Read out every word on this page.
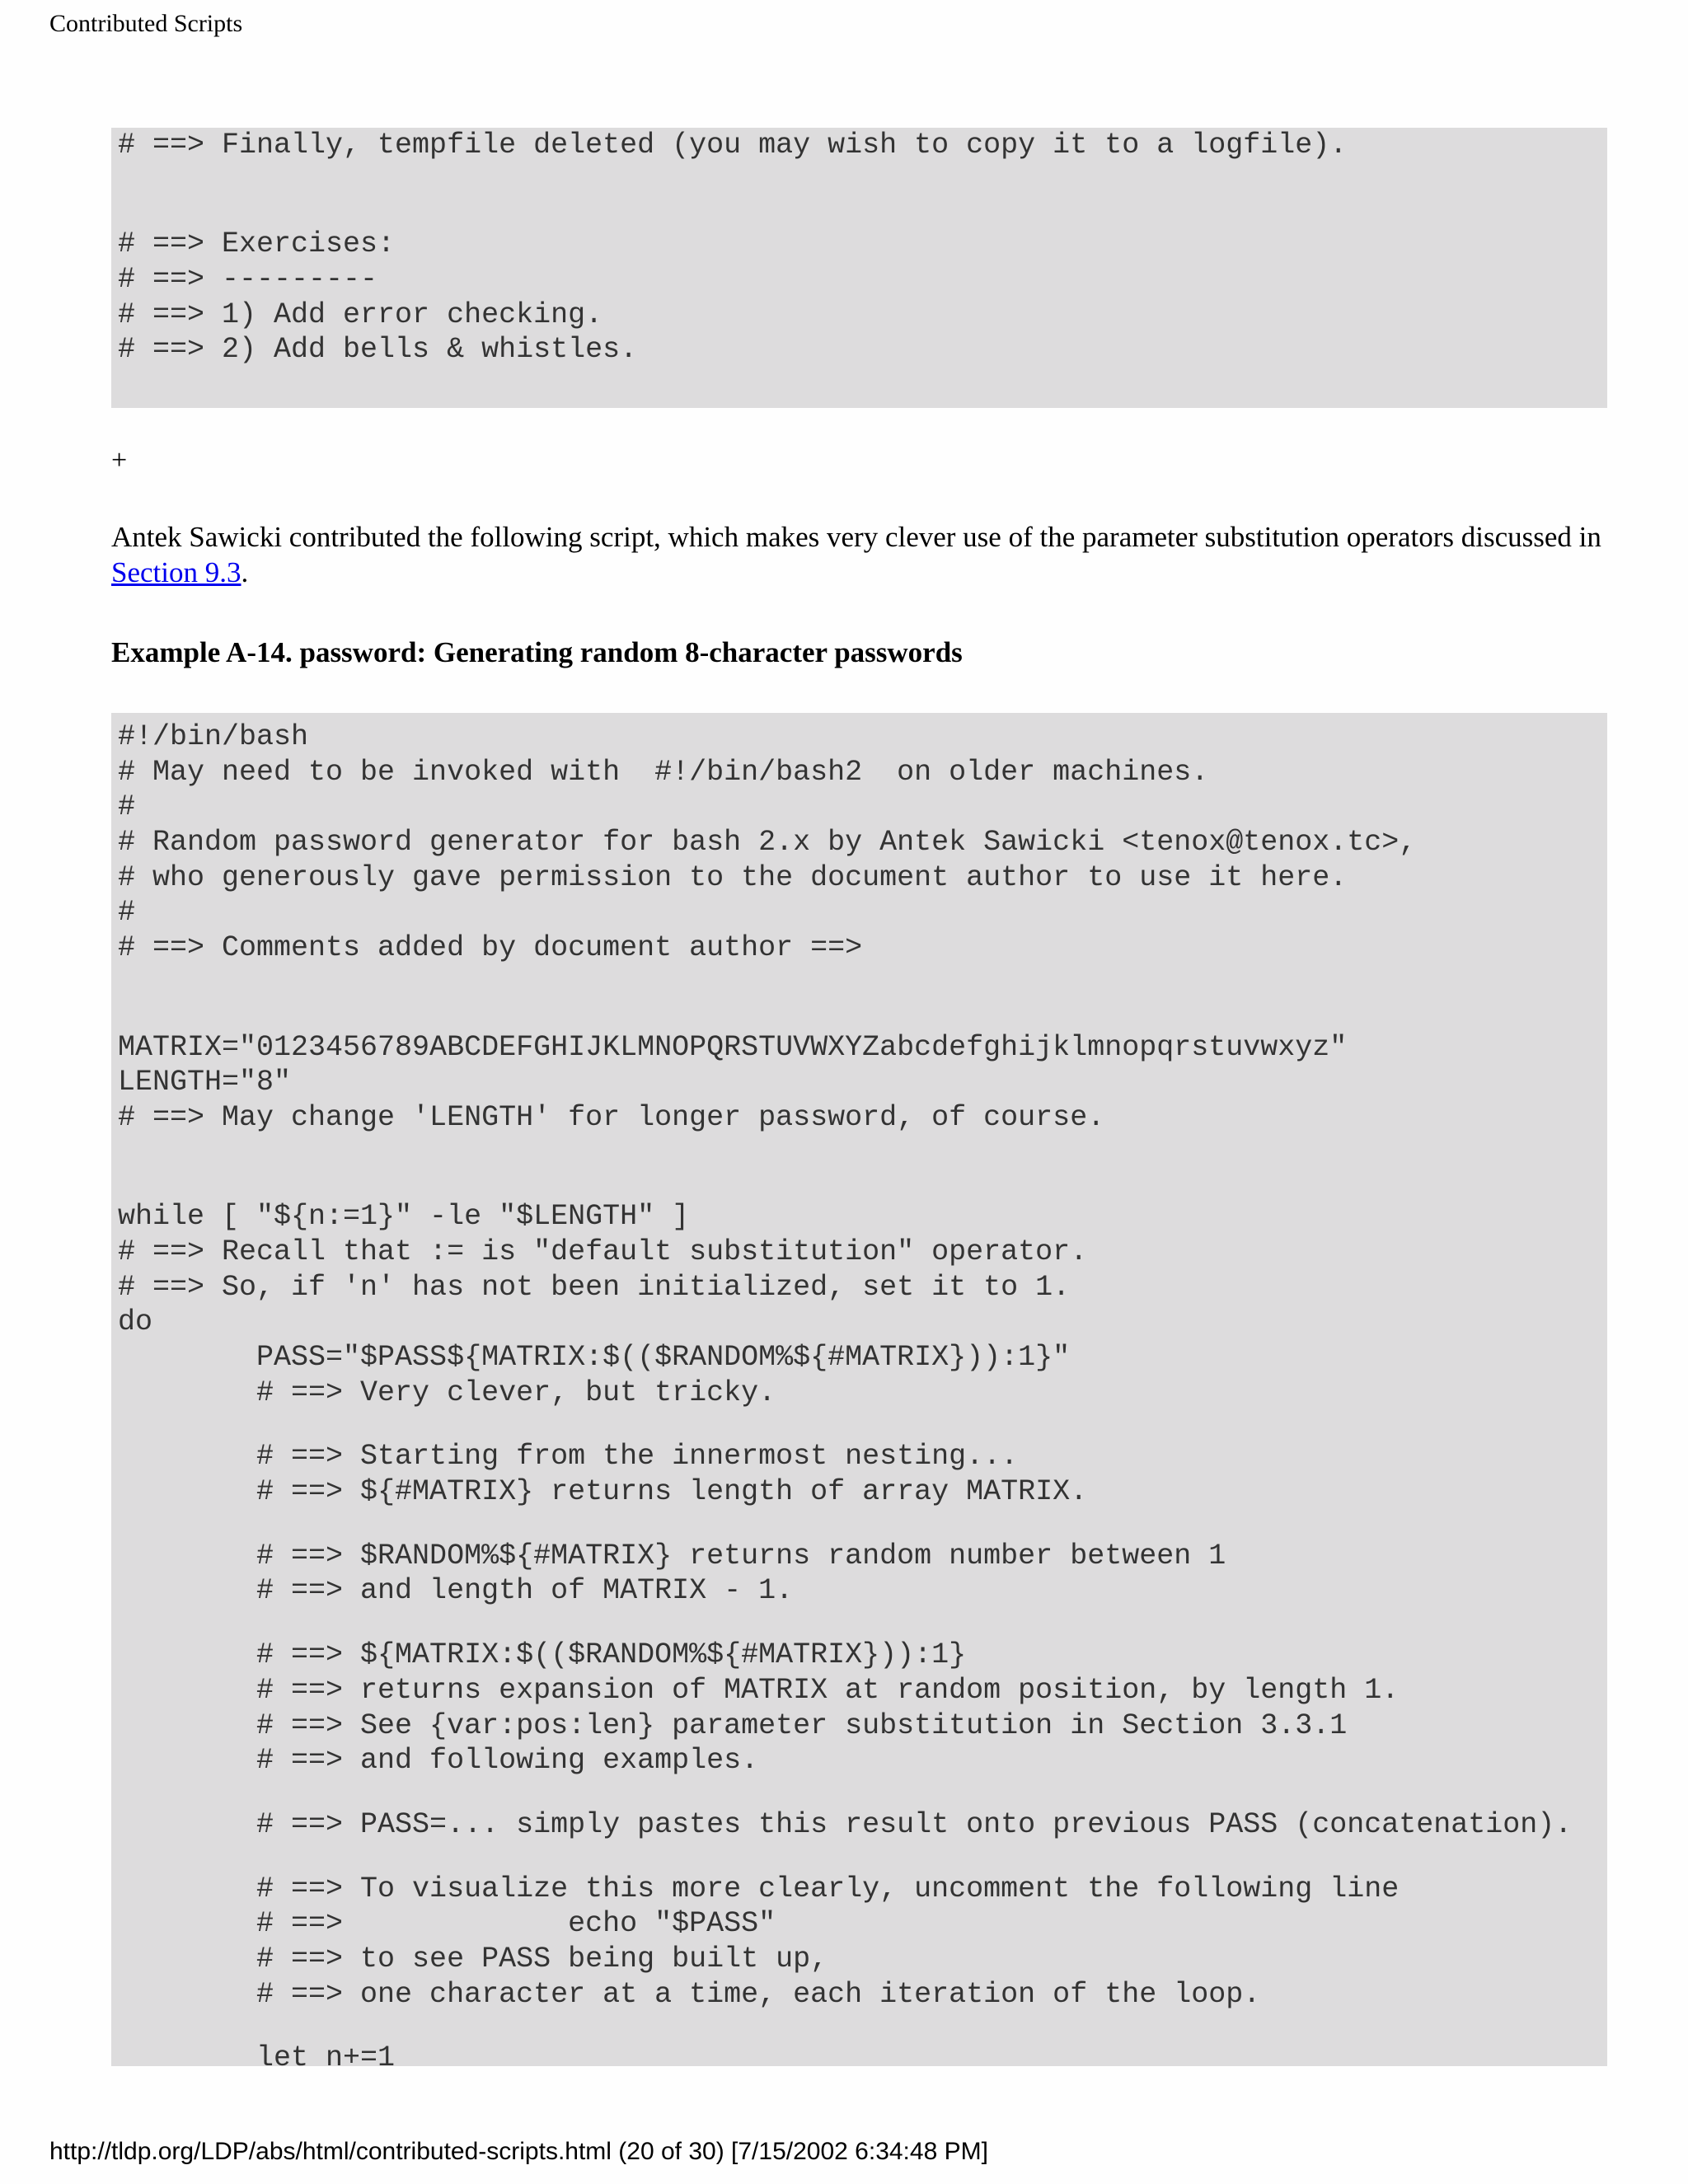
Contributed Scripts
# ==> Finally, tempfile deleted (you may wish to copy it to a logfile).
# ==> Exercises:
# ==> ---------
# ==> 1) Add error checking.
# ==> 2) Add bells & whistles.
+
Antek Sawicki contributed the following script, which makes very clever use of the parameter substitution operators discussed in Section 9.3.
Example A-14. password: Generating random 8-character passwords
#!/bin/bash
# May need to be invoked with  #!/bin/bash2  on older machines.
#
# Random password generator for bash 2.x by Antek Sawicki <tenox@tenox.tc>,
# who generously gave permission to the document author to use it here.
#
# ==> Comments added by document author ==>
MATRIX="0123456789ABCDEFGHIJKLMNOPQRSTUVWXYZabcdefghijklmnopqrstuvwxyz"
LENGTH="8"
# ==> May change 'LENGTH' for longer password, of course.
while [ "${n:=1}" -le "$LENGTH" ]
# ==> Recall that := is "default substitution" operator.
# ==> So, if 'n' has not been initialized, set it to 1.
do
PASS="$PASS${MATRIX:$(($RANDOM%${#MATRIX})):1}"
# ==> Very clever, but tricky.
# ==> Starting from the innermost nesting...
# ==> ${#MATRIX} returns length of array MATRIX.
# ==> $RANDOM%${#MATRIX} returns random number between 1
# ==> and length of MATRIX - 1.
# ==> ${MATRIX:$(($RANDOM%${#MATRIX})):1}
# ==> returns expansion of MATRIX at random position, by length 1.
# ==> See {var:pos:len} parameter substitution in Section 3.3.1
# ==> and following examples.
# ==> PASS=... simply pastes this result onto previous PASS (concatenation).
# ==> To visualize this more clearly, uncomment the following line
# ==>             echo "$PASS"
# ==> to see PASS being built up,
# ==> one character at a time, each iteration of the loop.
let n+=1
http://tldp.org/LDP/abs/html/contributed-scripts.html (20 of 30) [7/15/2002 6:34:48 PM]
